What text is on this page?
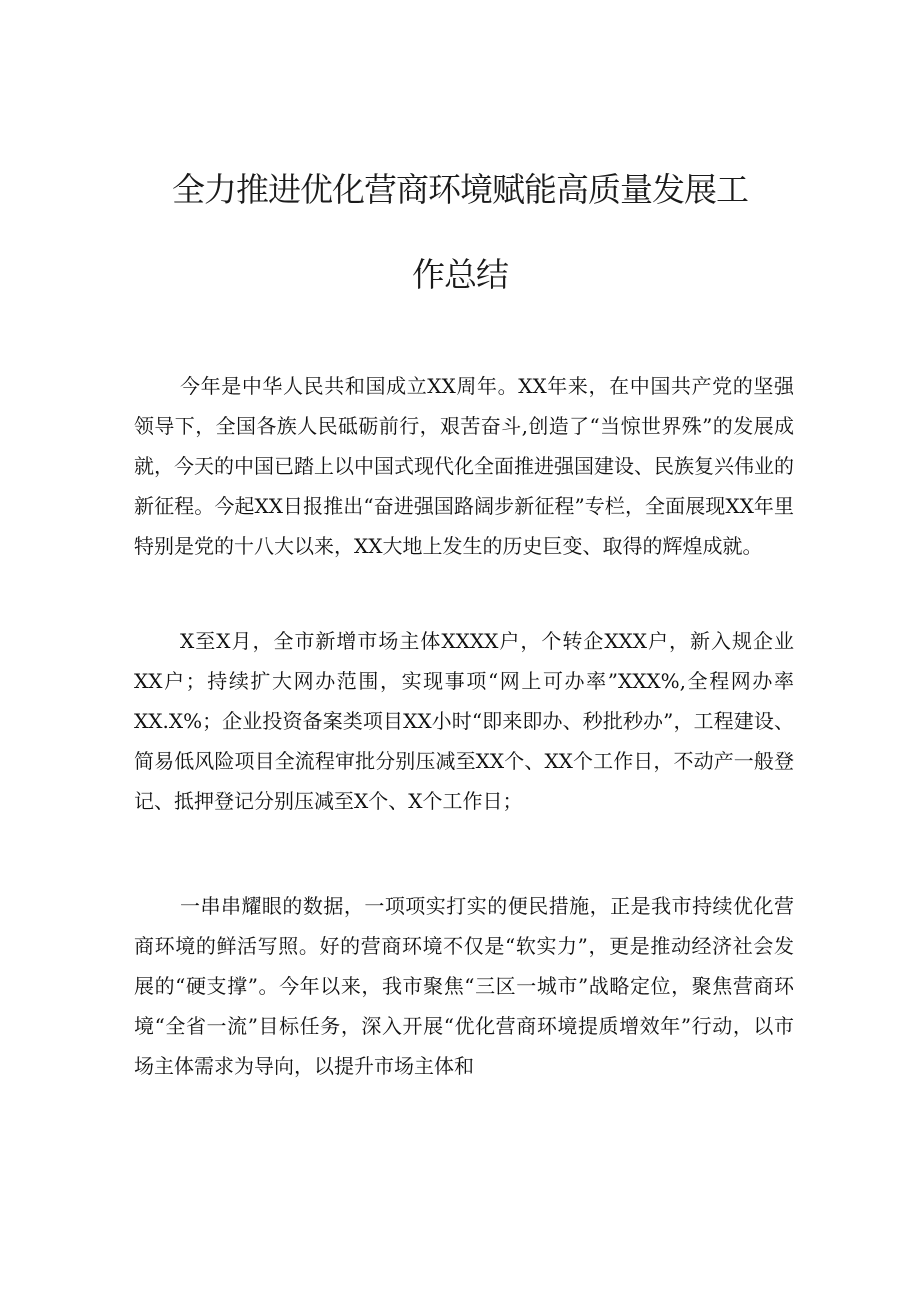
全力推进优化营商环境赋能高质量发展工
作总结

今年是中华人民共和国成立XX周年。XX年来，在中国共产党的坚强领导下，全国各族人民砥砺前行，艰苦奋斗,创造了“当惊世界殊”的发展成就，今天的中国已踏上以中国式现代化全面推进强国建设、民族复兴伟业的新征程。今起XX日报推出“奋进强国路阔步新征程”专栏，全面展现XX年里特别是党的十八大以来，XX大地上发生的历史巨变、取得的辉煌成就。

X至X月，全市新增市场主体XXXX户，个转企XXX户，新入规企业XX户；持续扩大网办范围，实现事项“网上可办率”XXX%,全程网办率XX.X%；企业投资备案类项目XX小时“即来即办、秒批秒办”，工程建设、简易低风险项目全流程审批分别压减至XX个、XX个工作日，不动产一般登记、抵押登记分别压减至X个、X个工作日；

一串串耀眼的数据，一项项实打实的便民措施，正是我市持续优化营商环境的鲜活写照。好的营商环境不仅是“软实力”，更是推动经济社会发展的“硬支撑”。今年以来，我市聚焦“三区一城市”战略定位，聚焦营商环境“全省一流”目标任务，深入开展“优化营商环境提质增效年”行动，以市场主体需求为导向，以提升市场主体和
